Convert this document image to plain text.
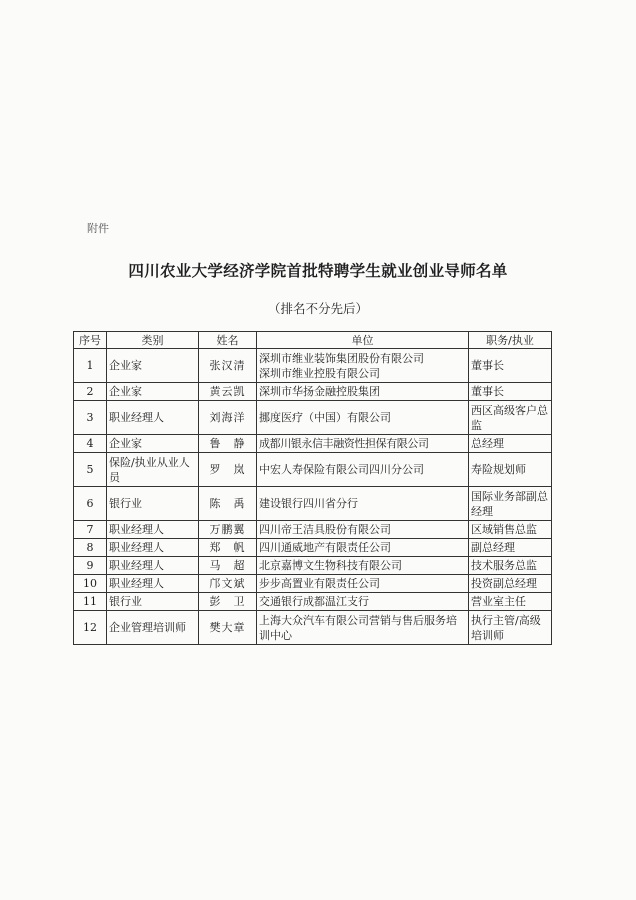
附件
四川农业大学经济学院首批特聘学生就业创业导师名单
（排名不分先后）
序号	类别	姓名	单位	职务/执业
1	企业家	张汉清	深圳市维业装饰集团股份有限公司
深圳市维业控股有限公司	董事长
2	企业家	黄云凯	深圳市华扬金融控股集团	董事长
3	职业经理人	刘海洋	挪度医疗（中国）有限公司	西区高级客户总监
4	企业家	鲁　静	成都川银永信丰融资性担保有限公司	总经理
5	保险/执业从业人员	罗　岚	中宏人寿保险有限公司四川分公司	寿险规划师
6	银行业	陈　禹	建设银行四川省分行	国际业务部副总经理
7	职业经理人	万鹏翼	四川帝王洁具股份有限公司	区域销售总监
8	职业经理人	郑　帆	四川通威地产有限责任公司	副总经理
9	职业经理人	马　超	北京嘉博文生物科技有限公司	技术服务总监
10	职业经理人	邝文斌	步步高置业有限责任公司	投资副总经理
11	银行业	彭　卫	交通银行成都温江支行	营业室主任
12	企业管理培训师	樊大章	上海大众汽车有限公司营销与售后服务培训中心	执行主管/高级培训师
